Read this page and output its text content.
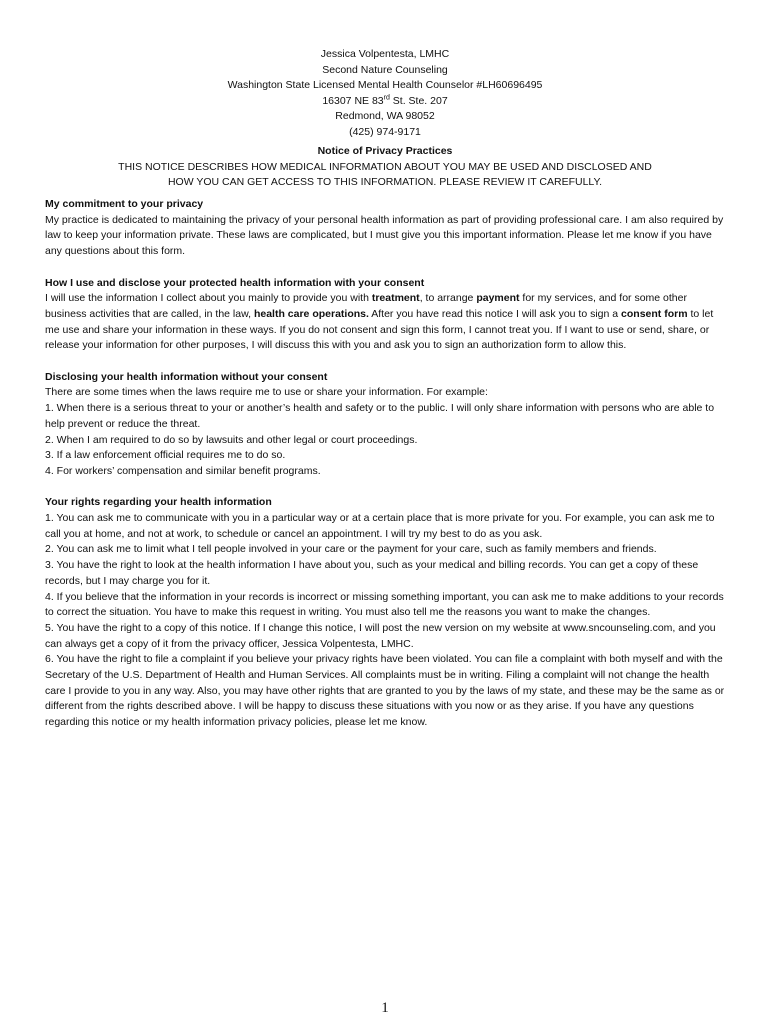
Jessica Volpentesta, LMHC
Second Nature Counseling
Washington State Licensed Mental Health Counselor #LH60696495
16307 NE 83rd St. Ste. 207
Redmond, WA 98052
(425) 974-9171
Notice of Privacy Practices
THIS NOTICE DESCRIBES HOW MEDICAL INFORMATION ABOUT YOU MAY BE USED AND DISCLOSED AND
HOW YOU CAN GET ACCESS TO THIS INFORMATION. PLEASE REVIEW IT CAREFULLY.
My commitment to your privacy
My practice is dedicated to maintaining the privacy of your personal health information as part of providing professional care. I am also required by law to keep your information private. These laws are complicated, but I must give you this important information. Please let me know if you have any questions about this form.
How I use and disclose your protected health information with your consent
I will use the information I collect about you mainly to provide you with treatment, to arrange payment for my services, and for some other business activities that are called, in the law, health care operations. After you have read this notice I will ask you to sign a consent form to let me use and share your information in these ways. If you do not consent and sign this form, I cannot treat you. If I want to use or send, share, or release your information for other purposes, I will discuss this with you and ask you to sign an authorization form to allow this.
Disclosing your health information without your consent
There are some times when the laws require me to use or share your information. For example:
1. When there is a serious threat to your or another’s health and safety or to the public. I will only share information with persons who are able to help prevent or reduce the threat.
2. When I am required to do so by lawsuits and other legal or court proceedings.
3. If a law enforcement official requires me to do so.
4. For workers’ compensation and similar benefit programs.
Your rights regarding your health information
1. You can ask me to communicate with you in a particular way or at a certain place that is more private for you. For example, you can ask me to call you at home, and not at work, to schedule or cancel an appointment. I will try my best to do as you ask.
2. You can ask me to limit what I tell people involved in your care or the payment for your care, such as family members and friends.
3. You have the right to look at the health information I have about you, such as your medical and billing records. You can get a copy of these records, but I may charge you for it.
4. If you believe that the information in your records is incorrect or missing something important, you can ask me to make additions to your records to correct the situation. You have to make this request in writing. You must also tell me the reasons you want to make the changes.
5. You have the right to a copy of this notice. If I change this notice, I will post the new version on my website at www.sncounseling.com, and you can always get a copy of it from the privacy officer, Jessica Volpentesta, LMHC.
6. You have the right to file a complaint if you believe your privacy rights have been violated. You can file a complaint with both myself and with the Secretary of the U.S. Department of Health and Human Services. All complaints must be in writing. Filing a complaint will not change the health care I provide to you in any way. Also, you may have other rights that are granted to you by the laws of my state, and these may be the same as or different from the rights described above. I will be happy to discuss these situations with you now or as they arise. If you have any questions regarding this notice or my health information privacy policies, please let me know.
1
